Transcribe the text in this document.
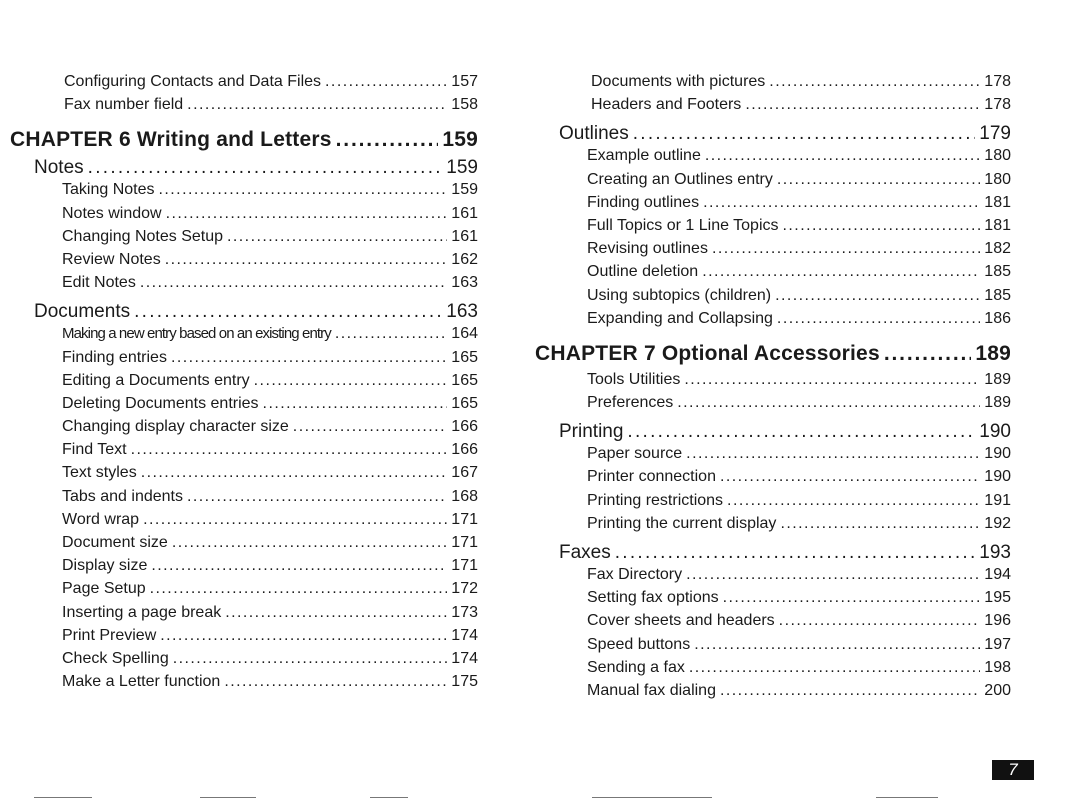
Configuring Contacts and Data Files . . .	157
Fax number field . . .	158
CHAPTER 6 Writing and Letters . . .	159
Notes . . .	159
Taking Notes . . .	159
Notes window . . .	161
Changing Notes Setup . . .	161
Review Notes . . .	162
Edit Notes . . .	163
Documents . . .	163
Making a new entry based on an existing entry . . .	164
Finding entries . . .	165
Editing a Documents entry . . .	165
Deleting Documents entries . . .	165
Changing display character size . . .	166
Find Text . . .	166
Text styles . . .	167
Tabs and indents . . .	168
Word wrap . . .	171
Document size . . .	171
Display size . . .	171
Page Setup . . .	172
Inserting a page break . . .	173
Print Preview . . .	174
Check Spelling . . .	174
Make a Letter function . . .	175
Documents with pictures . . .	178
Headers and Footers . . .	178
Outlines . . .	179
Example outline . . .	180
Creating an Outlines entry . . .	180
Finding outlines . . .	181
Full Topics or 1 Line Topics . . .	181
Revising outlines . . .	182
Outline deletion . . .	185
Using subtopics (children) . . .	185
Expanding and Collapsing . . .	186
CHAPTER 7 Optional Accessories . . .	189
Tools Utilities . . .	189
Preferences . . .	189
Printing . . .	190
Paper source . . .	190
Printer connection . . .	190
Printing restrictions . . .	191
Printing the current display . . .	192
Faxes . . .	193
Fax Directory . . .	194
Setting fax options . . .	195
Cover sheets and headers . . .	196
Speed buttons . . .	197
Sending a fax . . .	198
Manual fax dialing . . .	200
7
